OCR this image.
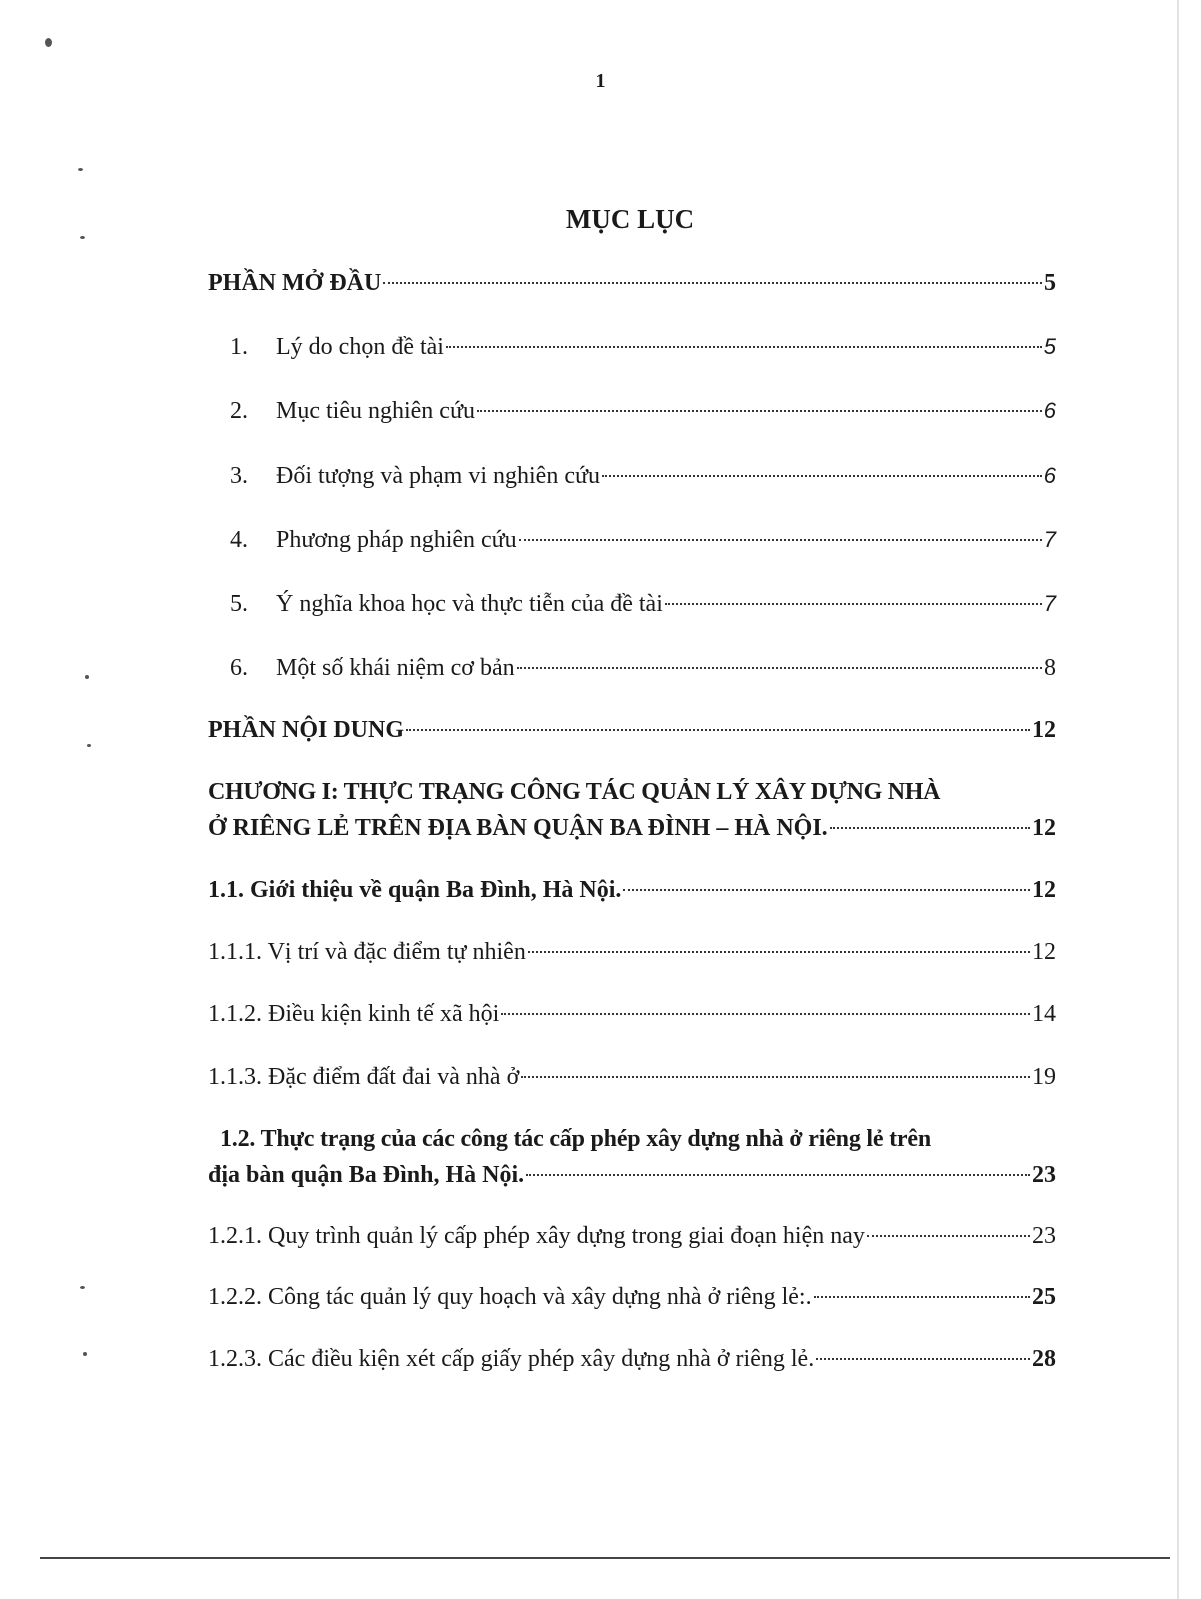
1
MỤC LỤC
PHẦN MỞ ĐẦU	5
1.	Lý do chọn đề tài	5
2.	Mục tiêu nghiên cứu	6
3.	Đối tượng và phạm vi nghiên cứu	6
4.	Phương pháp nghiên cứu	7
5.	Ý nghĩa khoa học và thực tiễn của đề tài	7
6.	Một số khái niệm cơ bản	8
PHẦN NỘI DUNG	12
CHƯƠNG I: THỰC TRẠNG CÔNG TÁC QUẢN LÝ XÂY DỰNG NHÀ
Ở RIÊNG LẺ TRÊN ĐỊA BÀN QUẬN BA ĐÌNH – HÀ NỘI.	12
1.1. Giới thiệu về quận Ba Đình, Hà Nội.	12
1.1.1. Vị trí và đặc điểm tự nhiên	12
1.1.2. Điều kiện kinh tế xã hội	14
1.1.3. Đặc điểm đất đai và nhà ở	19
1.2. Thực trạng của các công tác cấp phép xây dựng nhà ở riêng lẻ trên
địa bàn quận Ba Đình, Hà Nội.	23
1.2.1. Quy trình quản lý cấp phép xây dựng trong giai đoạn hiện nay	23
1.2.2. Công tác quản lý quy hoạch và xây dựng nhà ở riêng lẻ:.	25
1.2.3. Các điều kiện xét cấp giấy phép xây dựng nhà ở riêng lẻ.	28
